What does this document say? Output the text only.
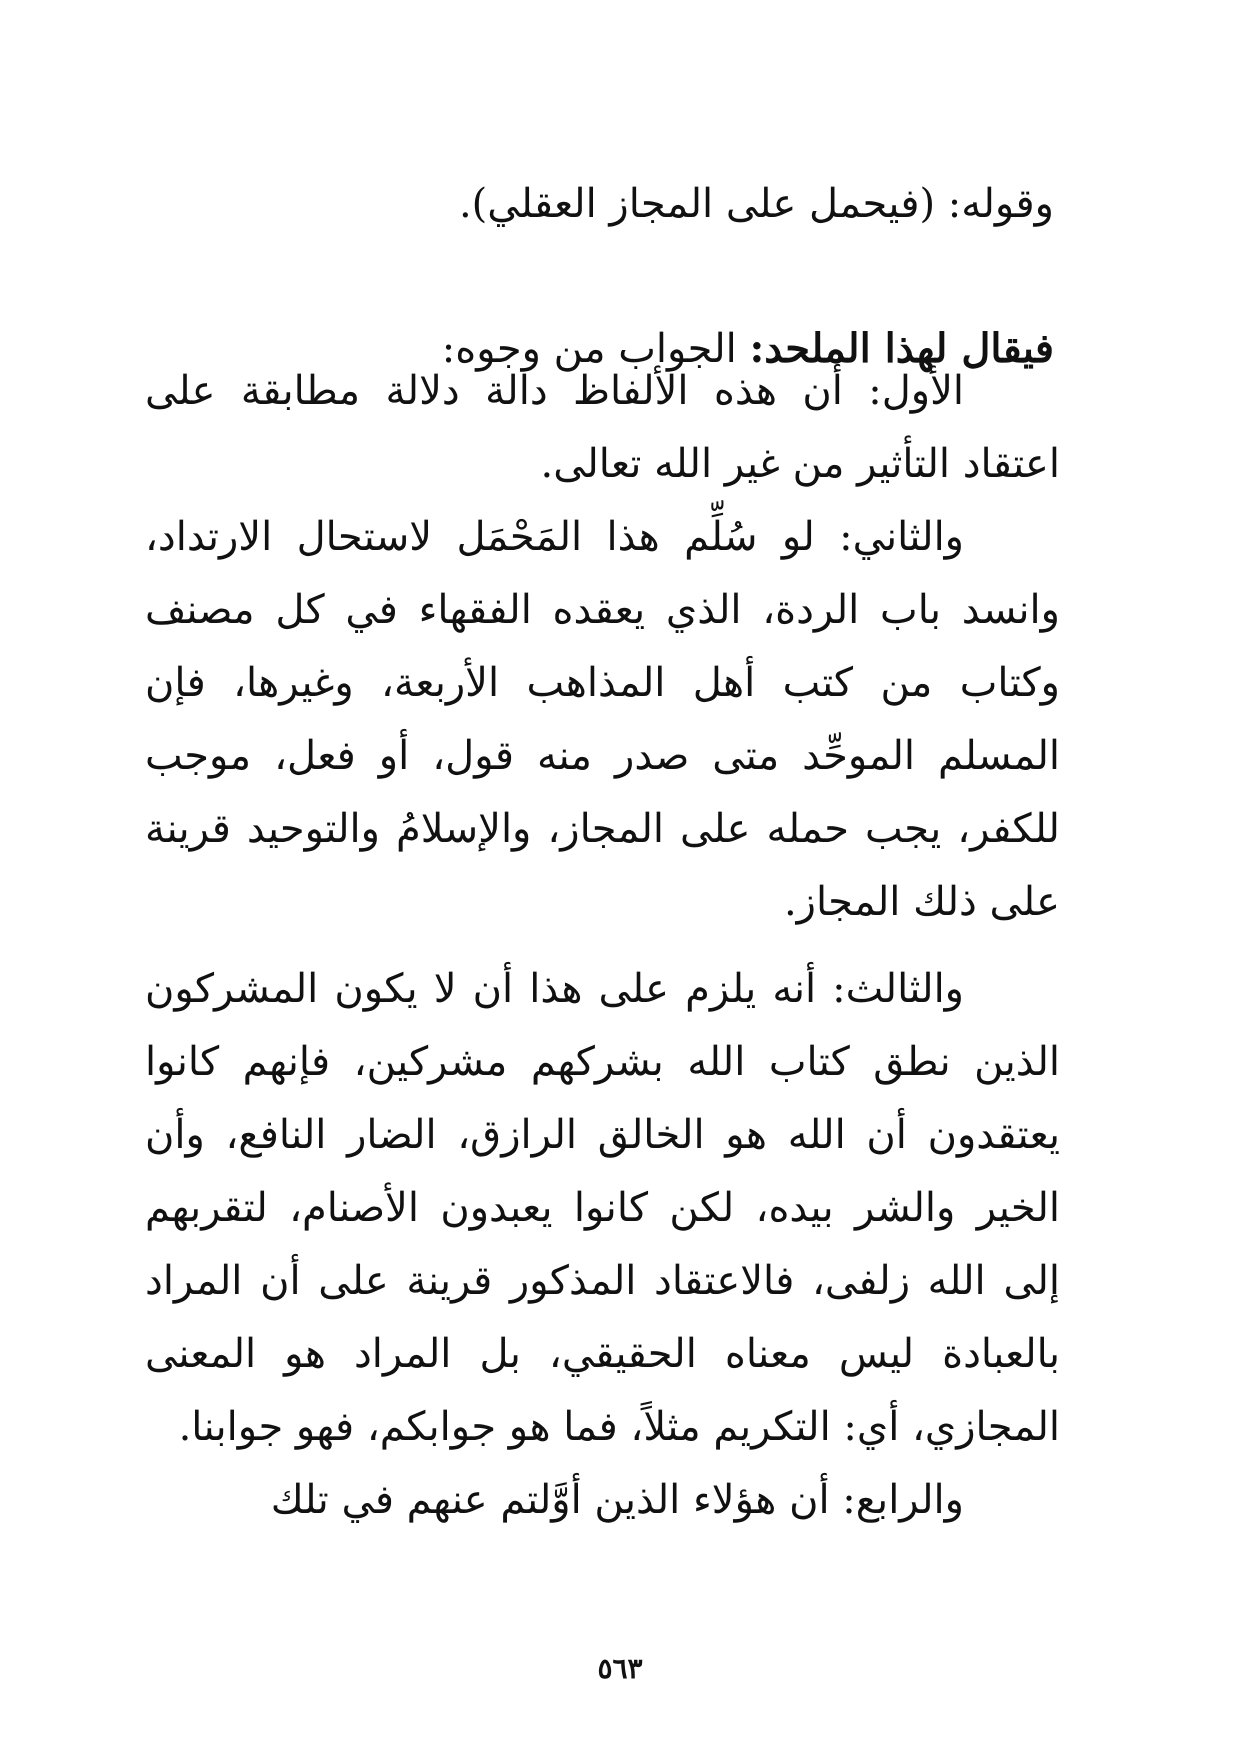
وقوله: (فيحمل على المجاز العقلي).
فيقال لهذا الملحد: الجواب من وجوه:

الأول: أن هذه الألفاظ دالة دلالة مطابقة على اعتقاد التأثير من غير الله تعالى.

والثاني: لو سُلِّم هذا المَحْمَل لاستحال الارتداد، وانسد باب الردة، الذي يعقده الفقهاء في كل مصنف وكتاب من كتب أهل المذاهب الأربعة، وغيرها، فإن المسلم الموحِّد متى صدر منه قول، أو فعل، موجب للكفر، يجب حمله على المجاز، والإسلامُ والتوحيد قرينة على ذلك المجاز.

والثالث: أنه يلزم على هذا أن لا يكون المشركون الذين نطق كتاب الله بشركهم مشركين، فإنهم كانوا يعتقدون أن الله هو الخالق الرازق، الضار النافع، وأن الخير والشر بيده، لكن كانوا يعبدون الأصنام، لتقربهم إلى الله زلفى، فالاعتقاد المذكور قرينة على أن المراد بالعبادة ليس معناه الحقيقي، بل المراد هو المعنى المجازي، أي: التكريم مثلاً، فما هو جوابكم، فهو جوابنا.

والرابع: أن هؤلاء الذين أوَّلتم عنهم في تلك

٥٦٣
